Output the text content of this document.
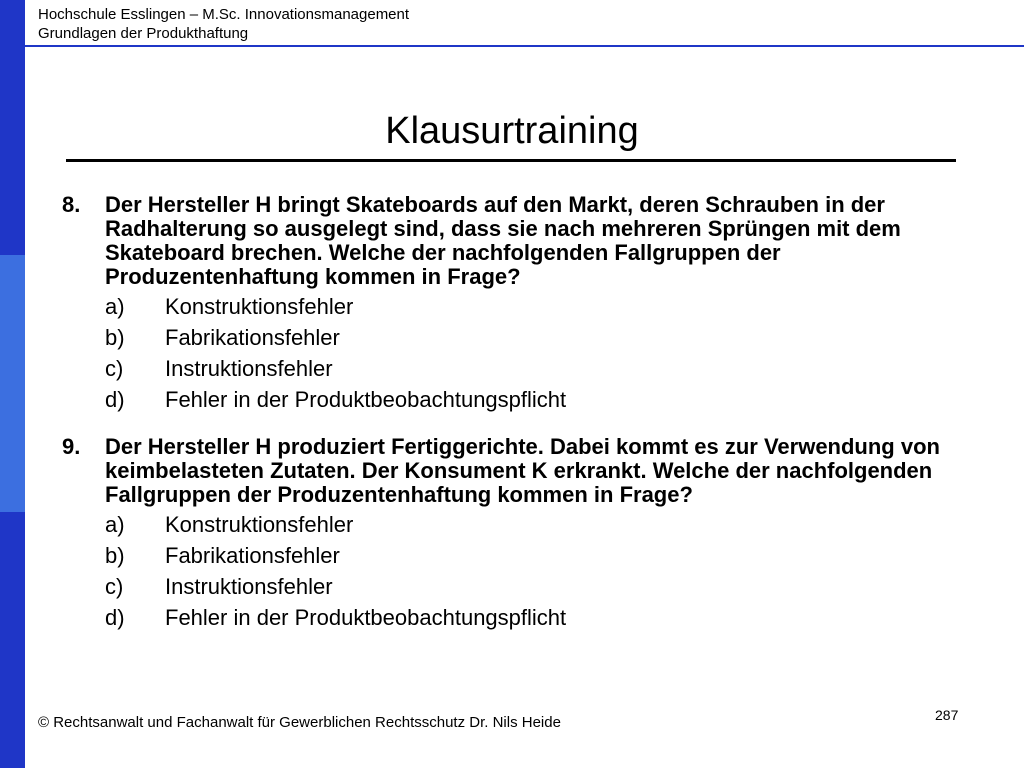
Hochschule Esslingen – M.Sc. Innovationsmanagement
Grundlagen der Produkthaftung
Klausurtraining
8. Der Hersteller H bringt Skateboards auf den Markt, deren Schrauben in der Radhalterung so ausgelegt sind, dass sie nach mehreren Sprüngen mit dem Skateboard brechen. Welche der nachfolgenden Fallgruppen der Produzentenhaftung kommen in Frage?
a) Konstruktionsfehler
b) Fabrikationsfehler
c) Instruktionsfehler
d) Fehler in der Produktbeobachtungspflicht
9. Der Hersteller H produziert Fertiggerichte. Dabei kommt es zur Verwendung von keimbelasteten Zutaten. Der Konsument K erkrankt. Welche der nachfolgenden Fallgruppen der Produzentenhaftung kommen in Frage?
a) Konstruktionsfehler
b) Fabrikationsfehler
c) Instruktionsfehler
d) Fehler in der Produktbeobachtungspflicht
© Rechtsanwalt und Fachanwalt für Gewerblichen Rechtsschutz Dr. Nils Heide	287
